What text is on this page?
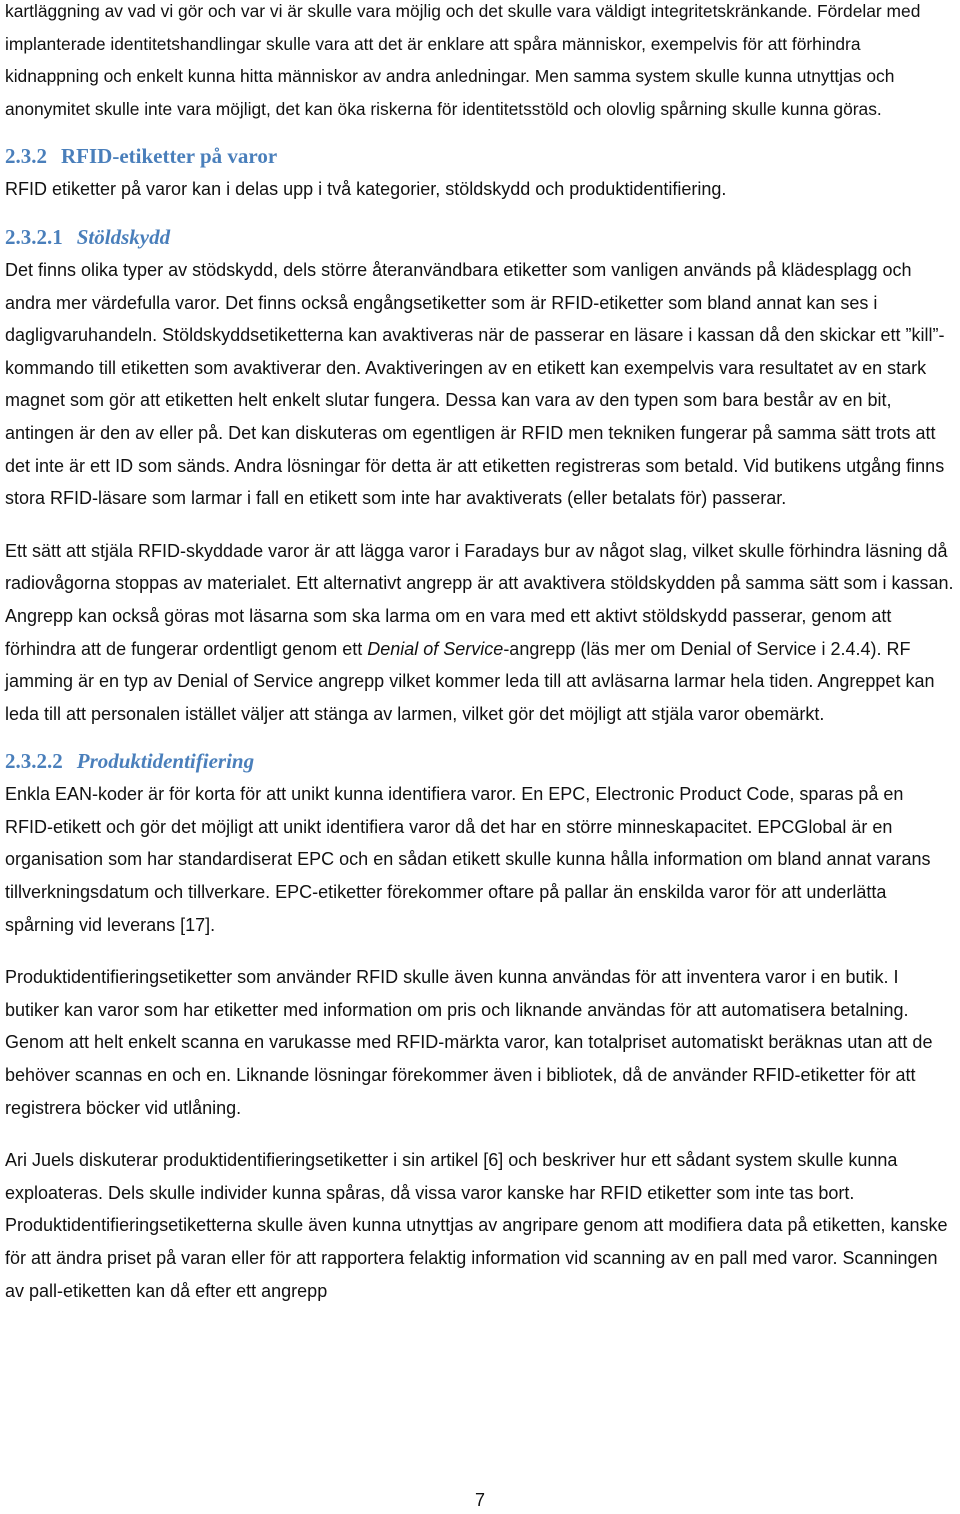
kartläggning av vad vi gör och var vi är skulle vara möjlig och det skulle vara väldigt integritetskränkande. Fördelar med implanterade identitetshandlingar skulle vara att det är enklare att spåra människor, exempelvis för att förhindra kidnappning och enkelt kunna hitta människor av andra anledningar. Men samma system skulle kunna utnyttjas och anonymitet skulle inte vara möjligt, det kan öka riskerna för identitetsstöld och olovlig spårning skulle kunna göras.

2.3.2 RFID-etiketter på varor

RFID etiketter på varor kan i delas upp i två kategorier, stöldskydd och produktidentifiering.

2.3.2.1 Stöldskydd

Det finns olika typer av stödskydd, dels större återanvändbara etiketter som vanligen används på klädesplagg och andra mer värdefulla varor. Det finns också engångsetiketter som är RFID-etiketter som bland annat kan ses i dagligvaruhandeln. Stöldskyddsetiketterna kan avaktiveras när de passerar en läsare i kassan då den skickar ett ”kill”-kommando till etiketten som avaktiverar den. Avaktiveringen av en etikett kan exempelvis vara resultatet av en stark magnet som gör att etiketten helt enkelt slutar fungera. Dessa kan vara av den typen som bara består av en bit, antingen är den av eller på. Det kan diskuteras om egentligen är RFID men tekniken fungerar på samma sätt trots att det inte är ett ID som sänds. Andra lösningar för detta är att etiketten registreras som betald. Vid butikens utgång finns stora RFID-läsare som larmar i fall en etikett som inte har avaktiverats (eller betalats för) passerar.

Ett sätt att stjäla RFID-skyddade varor är att lägga varor i Faradays bur av något slag, vilket skulle förhindra läsning då radiovågorna stoppas av materialet. Ett alternativt angrepp är att avaktivera stöldskydden på samma sätt som i kassan. Angrepp kan också göras mot läsarna som ska larma om en vara med ett aktivt stöldskydd passerar, genom att förhindra att de fungerar ordentligt genom ett Denial of Service-angrepp (läs mer om Denial of Service i 2.4.4). RF jamming är en typ av Denial of Service angrepp vilket kommer leda till att avläsarna larmar hela tiden. Angreppet kan leda till att personalen istället väljer att stänga av larmen, vilket gör det möjligt att stjäla varor obemärkt.

2.3.2.2 Produktidentifiering

Enkla EAN-koder är för korta för att unikt kunna identifiera varor. En EPC, Electronic Product Code, sparas på en RFID-etikett och gör det möjligt att unikt identifiera varor då det har en större minneskapacitet. EPCGlobal är en organisation som har standardiserat EPC och en sådan etikett skulle kunna hålla information om bland annat varans tillverkningsdatum och tillverkare. EPC-etiketter förekommer oftare på pallar än enskilda varor för att underlätta spårning vid leverans [17].

Produktidentifieringsetiketter som använder RFID skulle även kunna användas för att inventera varor i en butik. I butiker kan varor som har etiketter med information om pris och liknande användas för att automatisera betalning. Genom att helt enkelt scanna en varukasse med RFID-märkta varor, kan totalpriset automatiskt beräknas utan att de behöver scannas en och en. Liknande lösningar förekommer även i bibliotek, då de använder RFID-etiketter för att registrera böcker vid utlåning.

Ari Juels diskuterar produktidentifieringsetiketter i sin artikel [6] och beskriver hur ett sådant system skulle kunna exploateras. Dels skulle individer kunna spåras, då vissa varor kanske har RFID etiketter som inte tas bort. Produktidentifieringsetiketterna skulle även kunna utnyttjas av angripare genom att modifiera data på etiketten, kanske för att ändra priset på varan eller för att rapportera felaktig information vid scanning av en pall med varor. Scanningen av pall-etiketten kan då efter ett angrepp

7
